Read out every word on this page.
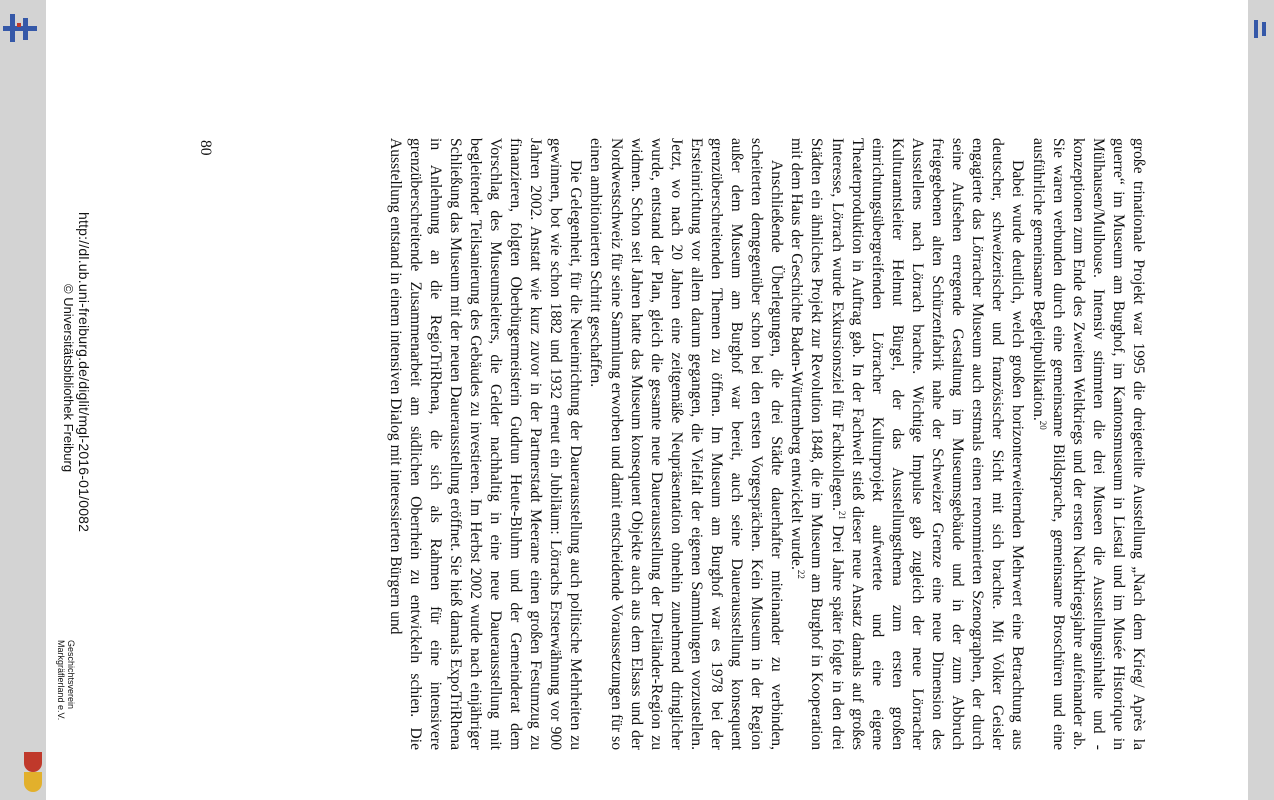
große trinationale Projekt war 1995 die dreigeteilte Ausstellung „Nach dem Krieg/ Après la guerre“ im Museum am Burghof, im Kantonsmuseum in Liestal und im Musée Historique in Mülhausen/Mulhouse. Intensiv stimmten die drei Museen die Ausstellungsinhalte und -konzeptionen zum Ende des Zweiten Weltkriegs und der ersten Nachkriegsjahre aufeinander ab. Sie waren verbunden durch eine gemeinsame Bildsprache, gemeinsame Broschüren und eine ausführliche gemeinsame Begleitpublikation.$^{20}$

Dabei wurde deutlich, welch großen horizonterweiternden Mehrwert eine Betrachtung aus deutscher, schweizerischer und französischer Sicht mit sich brachte. Mit Volker Geisler engagierte das Lörracher Museum auch erstmals einen renommierten Szenographen, der durch seine Aufsehen erregende Gestaltung im Museumsgebäude und in der zum Abbruch freigegebenen alten Schürzenfabrik nahe der Schweizer Grenze eine neue Dimension des Ausstellens nach Lörrach brachte. Wichtige Impulse gab zugleich der neue Lörracher Kulturamtsleiter Helmut Bürgel, der das Ausstellungsthema zum ersten großen einrichtungsübergreifenden Lörracher Kulturprojekt aufwertete und eine eigene Theaterproduktion in Auftrag gab. In der Fachwelt stieß dieser neue Ansatz damals auf großes Interesse, Lörrach wurde Exkursionsziel für Fachkollegen.$^{21}$ Drei Jahre später folgte in den drei Städten ein ähnliches Projekt zur Revolution 1848, die im Museum am Burghof in Kooperation mit dem Haus der Geschichte Baden-Württemberg entwickelt wurde.$^{22}$

Anschließende Überlegungen, die drei Städte dauerhafter miteinander zu verbinden, scheiterten demgegenüber schon bei den ersten Vorgesprächen. Kein Museum in der Region außer dem Museum am Burghof war bereit, auch seine Dauerausstellung konsequent grenzüberschreitenden Themen zu öffnen. Im Museum am Burghof war es 1978 bei der Ersteinrichtung vor allem darum gegangen, die Vielfalt der eigenen Sammlungen vorzustellen. Jetzt, wo nach 20 Jahren eine zeitgemäße Neupräsentation ohnehin zunehmend dringlicher wurde, entstand der Plan, gleich die gesamte neue Dauerausstellung der Dreiländer-Region zu widmen. Schon seit Jahren hatte das Museum konsequent Objekte auch aus dem Elsass und der Nordwestschweiz für seine Sammlung erworben und damit entscheidende Voraussetzungen für so einen ambitionierten Schritt geschaffen.

Die Gelegenheit, für die Neueinrichtung der Dauerausstellung auch politische Mehrheiten zu gewinnen, bot wie schon 1882 und 1932 erneut ein Jubiläum: Lörrachs Ersterwähnung vor 900 Jahren 2002. Anstatt wie kurz zuvor in der Partnerstadt Meerane einen großen Festumzug zu finanzieren, folgten Oberbürgermeisterin Gudrun Heute-Bluhm und der Gemeinderat dem Vorschlag des Museumsleiters, die Gelder nachhaltig in eine neue Dauerausstellung mit begleitender Teilsanierung des Gebäudes zu investieren. Im Herbst 2002 wurde nach einjähriger Schließung das Museum mit der neuen Dauerausstellung eröffnet. Sie hieß damals ExpoTriRhena in Anlehnung an die RegioTriRhena, die sich als Rahmen für eine intensivere grenzüberschreitende Zusammenarbeit am südlichen Oberrhein zu entwickeln schien. Die Ausstellung entstand in einem intensiven Dialog mit interessierten Bürgern und

80
http://dl.ub.uni-freiburg.de/diglit/mgl-2016-01/0082
© Universitätsbibliothek Freiburg
Geschichtsverein
Markgräflerland e.V.
